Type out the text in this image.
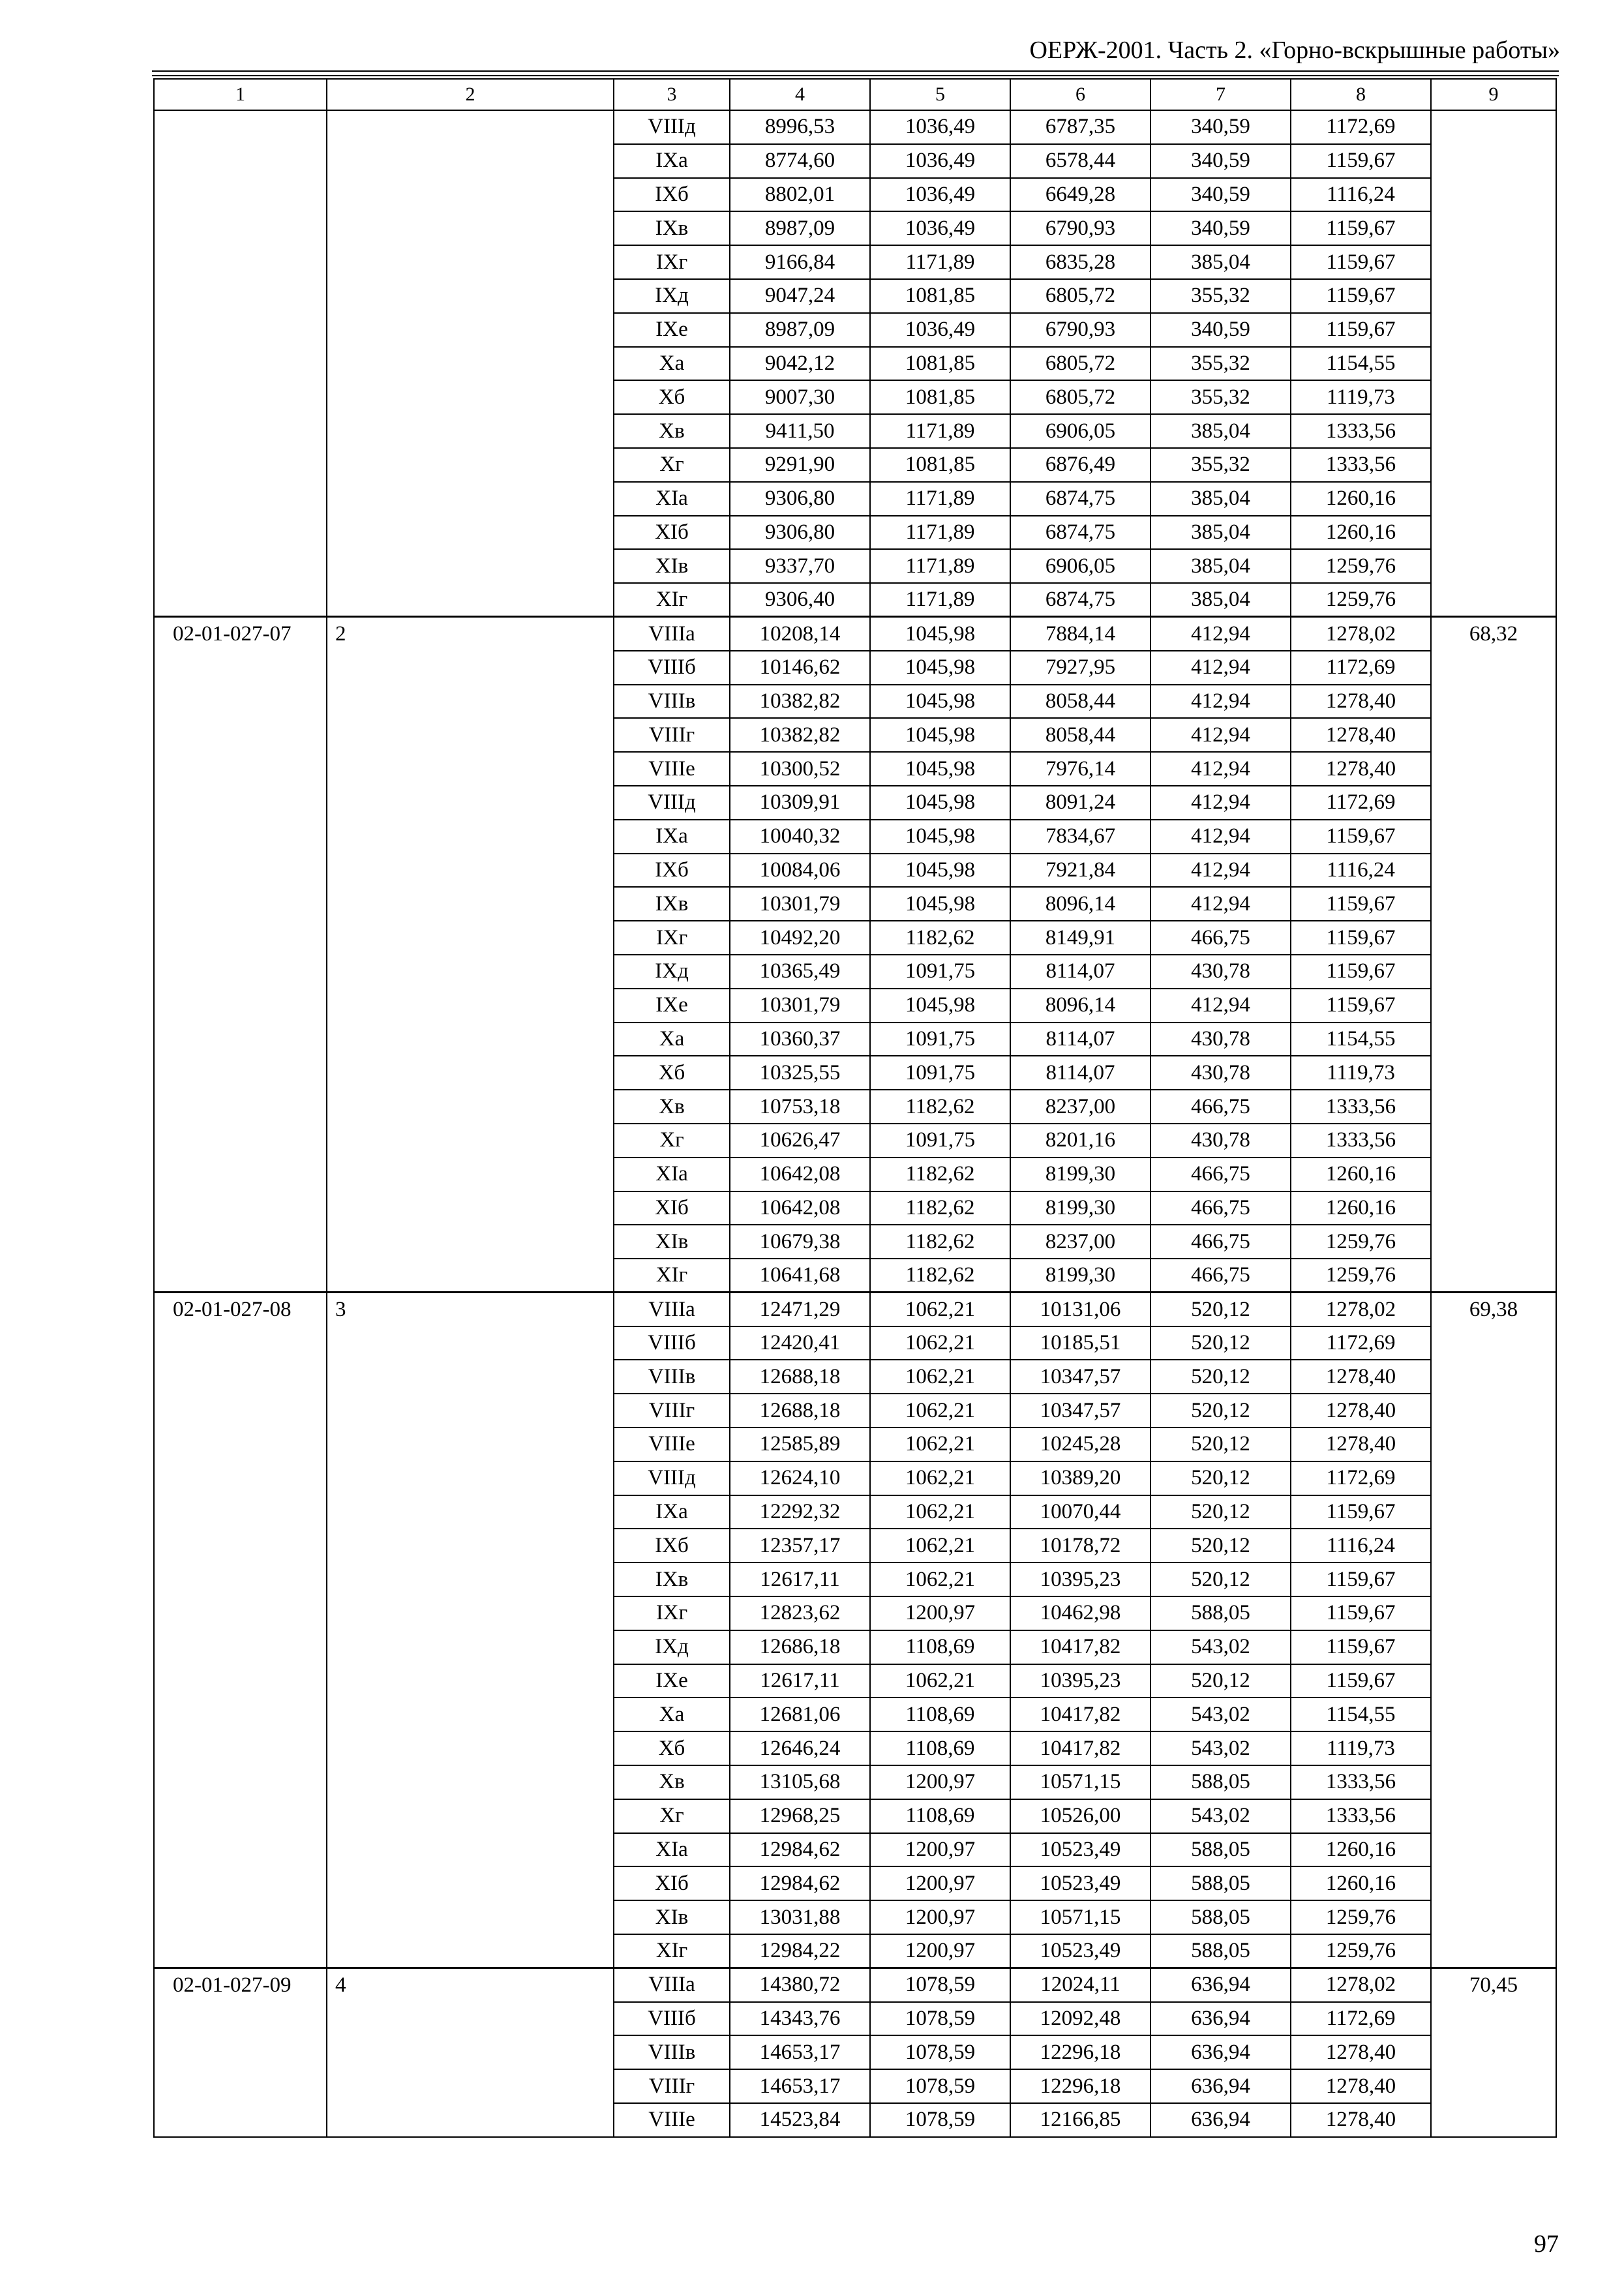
ОЕРЖ-2001. Часть 2. «Горно-вскрышные работы»
1	2	3	4	5	6	7	8	9
		VIIIд	8996,53	1036,49	6787,35	340,59	1172,69	
		IXа	8774,60	1036,49	6578,44	340,59	1159,67	
		IXб	8802,01	1036,49	6649,28	340,59	1116,24	
		IXв	8987,09	1036,49	6790,93	340,59	1159,67	
		IXг	9166,84	1171,89	6835,28	385,04	1159,67	
		IXд	9047,24	1081,85	6805,72	355,32	1159,67	
		IXе	8987,09	1036,49	6790,93	340,59	1159,67	
		Xа	9042,12	1081,85	6805,72	355,32	1154,55	
		Xб	9007,30	1081,85	6805,72	355,32	1119,73	
		Xв	9411,50	1171,89	6906,05	385,04	1333,56	
		Xг	9291,90	1081,85	6876,49	355,32	1333,56	
		XIа	9306,80	1171,89	6874,75	385,04	1260,16	
		XIб	9306,80	1171,89	6874,75	385,04	1260,16	
		XIв	9337,70	1171,89	6906,05	385,04	1259,76	
		XIг	9306,40	1171,89	6874,75	385,04	1259,76	
02-01-027-07	2	VIIIа	10208,14	1045,98	7884,14	412,94	1278,02	68,32
		VIIIб	10146,62	1045,98	7927,95	412,94	1172,69	
		VIIIв	10382,82	1045,98	8058,44	412,94	1278,40	
		VIIIг	10382,82	1045,98	8058,44	412,94	1278,40	
		VIIIе	10300,52	1045,98	7976,14	412,94	1278,40	
		VIIIд	10309,91	1045,98	8091,24	412,94	1172,69	
		IXа	10040,32	1045,98	7834,67	412,94	1159,67	
		IXб	10084,06	1045,98	7921,84	412,94	1116,24	
		IXв	10301,79	1045,98	8096,14	412,94	1159,67	
		IXг	10492,20	1182,62	8149,91	466,75	1159,67	
		IXд	10365,49	1091,75	8114,07	430,78	1159,67	
		IXе	10301,79	1045,98	8096,14	412,94	1159,67	
		Xа	10360,37	1091,75	8114,07	430,78	1154,55	
		Xб	10325,55	1091,75	8114,07	430,78	1119,73	
		Xв	10753,18	1182,62	8237,00	466,75	1333,56	
		Xг	10626,47	1091,75	8201,16	430,78	1333,56	
		XIа	10642,08	1182,62	8199,30	466,75	1260,16	
		XIб	10642,08	1182,62	8199,30	466,75	1260,16	
		XIв	10679,38	1182,62	8237,00	466,75	1259,76	
		XIг	10641,68	1182,62	8199,30	466,75	1259,76	
02-01-027-08	3	VIIIа	12471,29	1062,21	10131,06	520,12	1278,02	69,38
		VIIIб	12420,41	1062,21	10185,51	520,12	1172,69	
		VIIIв	12688,18	1062,21	10347,57	520,12	1278,40	
		VIIIг	12688,18	1062,21	10347,57	520,12	1278,40	
		VIIIе	12585,89	1062,21	10245,28	520,12	1278,40	
		VIIIд	12624,10	1062,21	10389,20	520,12	1172,69	
		IXа	12292,32	1062,21	10070,44	520,12	1159,67	
		IXб	12357,17	1062,21	10178,72	520,12	1116,24	
		IXв	12617,11	1062,21	10395,23	520,12	1159,67	
		IXг	12823,62	1200,97	10462,98	588,05	1159,67	
		IXд	12686,18	1108,69	10417,82	543,02	1159,67	
		IXе	12617,11	1062,21	10395,23	520,12	1159,67	
		Xа	12681,06	1108,69	10417,82	543,02	1154,55	
		Xб	12646,24	1108,69	10417,82	543,02	1119,73	
		Xв	13105,68	1200,97	10571,15	588,05	1333,56	
		Xг	12968,25	1108,69	10526,00	543,02	1333,56	
		XIа	12984,62	1200,97	10523,49	588,05	1260,16	
		XIб	12984,62	1200,97	10523,49	588,05	1260,16	
		XIв	13031,88	1200,97	10571,15	588,05	1259,76	
		XIг	12984,22	1200,97	10523,49	588,05	1259,76	
02-01-027-09	4	VIIIа	14380,72	1078,59	12024,11	636,94	1278,02	70,45
		VIIIб	14343,76	1078,59	12092,48	636,94	1172,69	
		VIIIв	14653,17	1078,59	12296,18	636,94	1278,40	
		VIIIг	14653,17	1078,59	12296,18	636,94	1278,40	
		VIIIе	14523,84	1078,59	12166,85	636,94	1278,40	
97
